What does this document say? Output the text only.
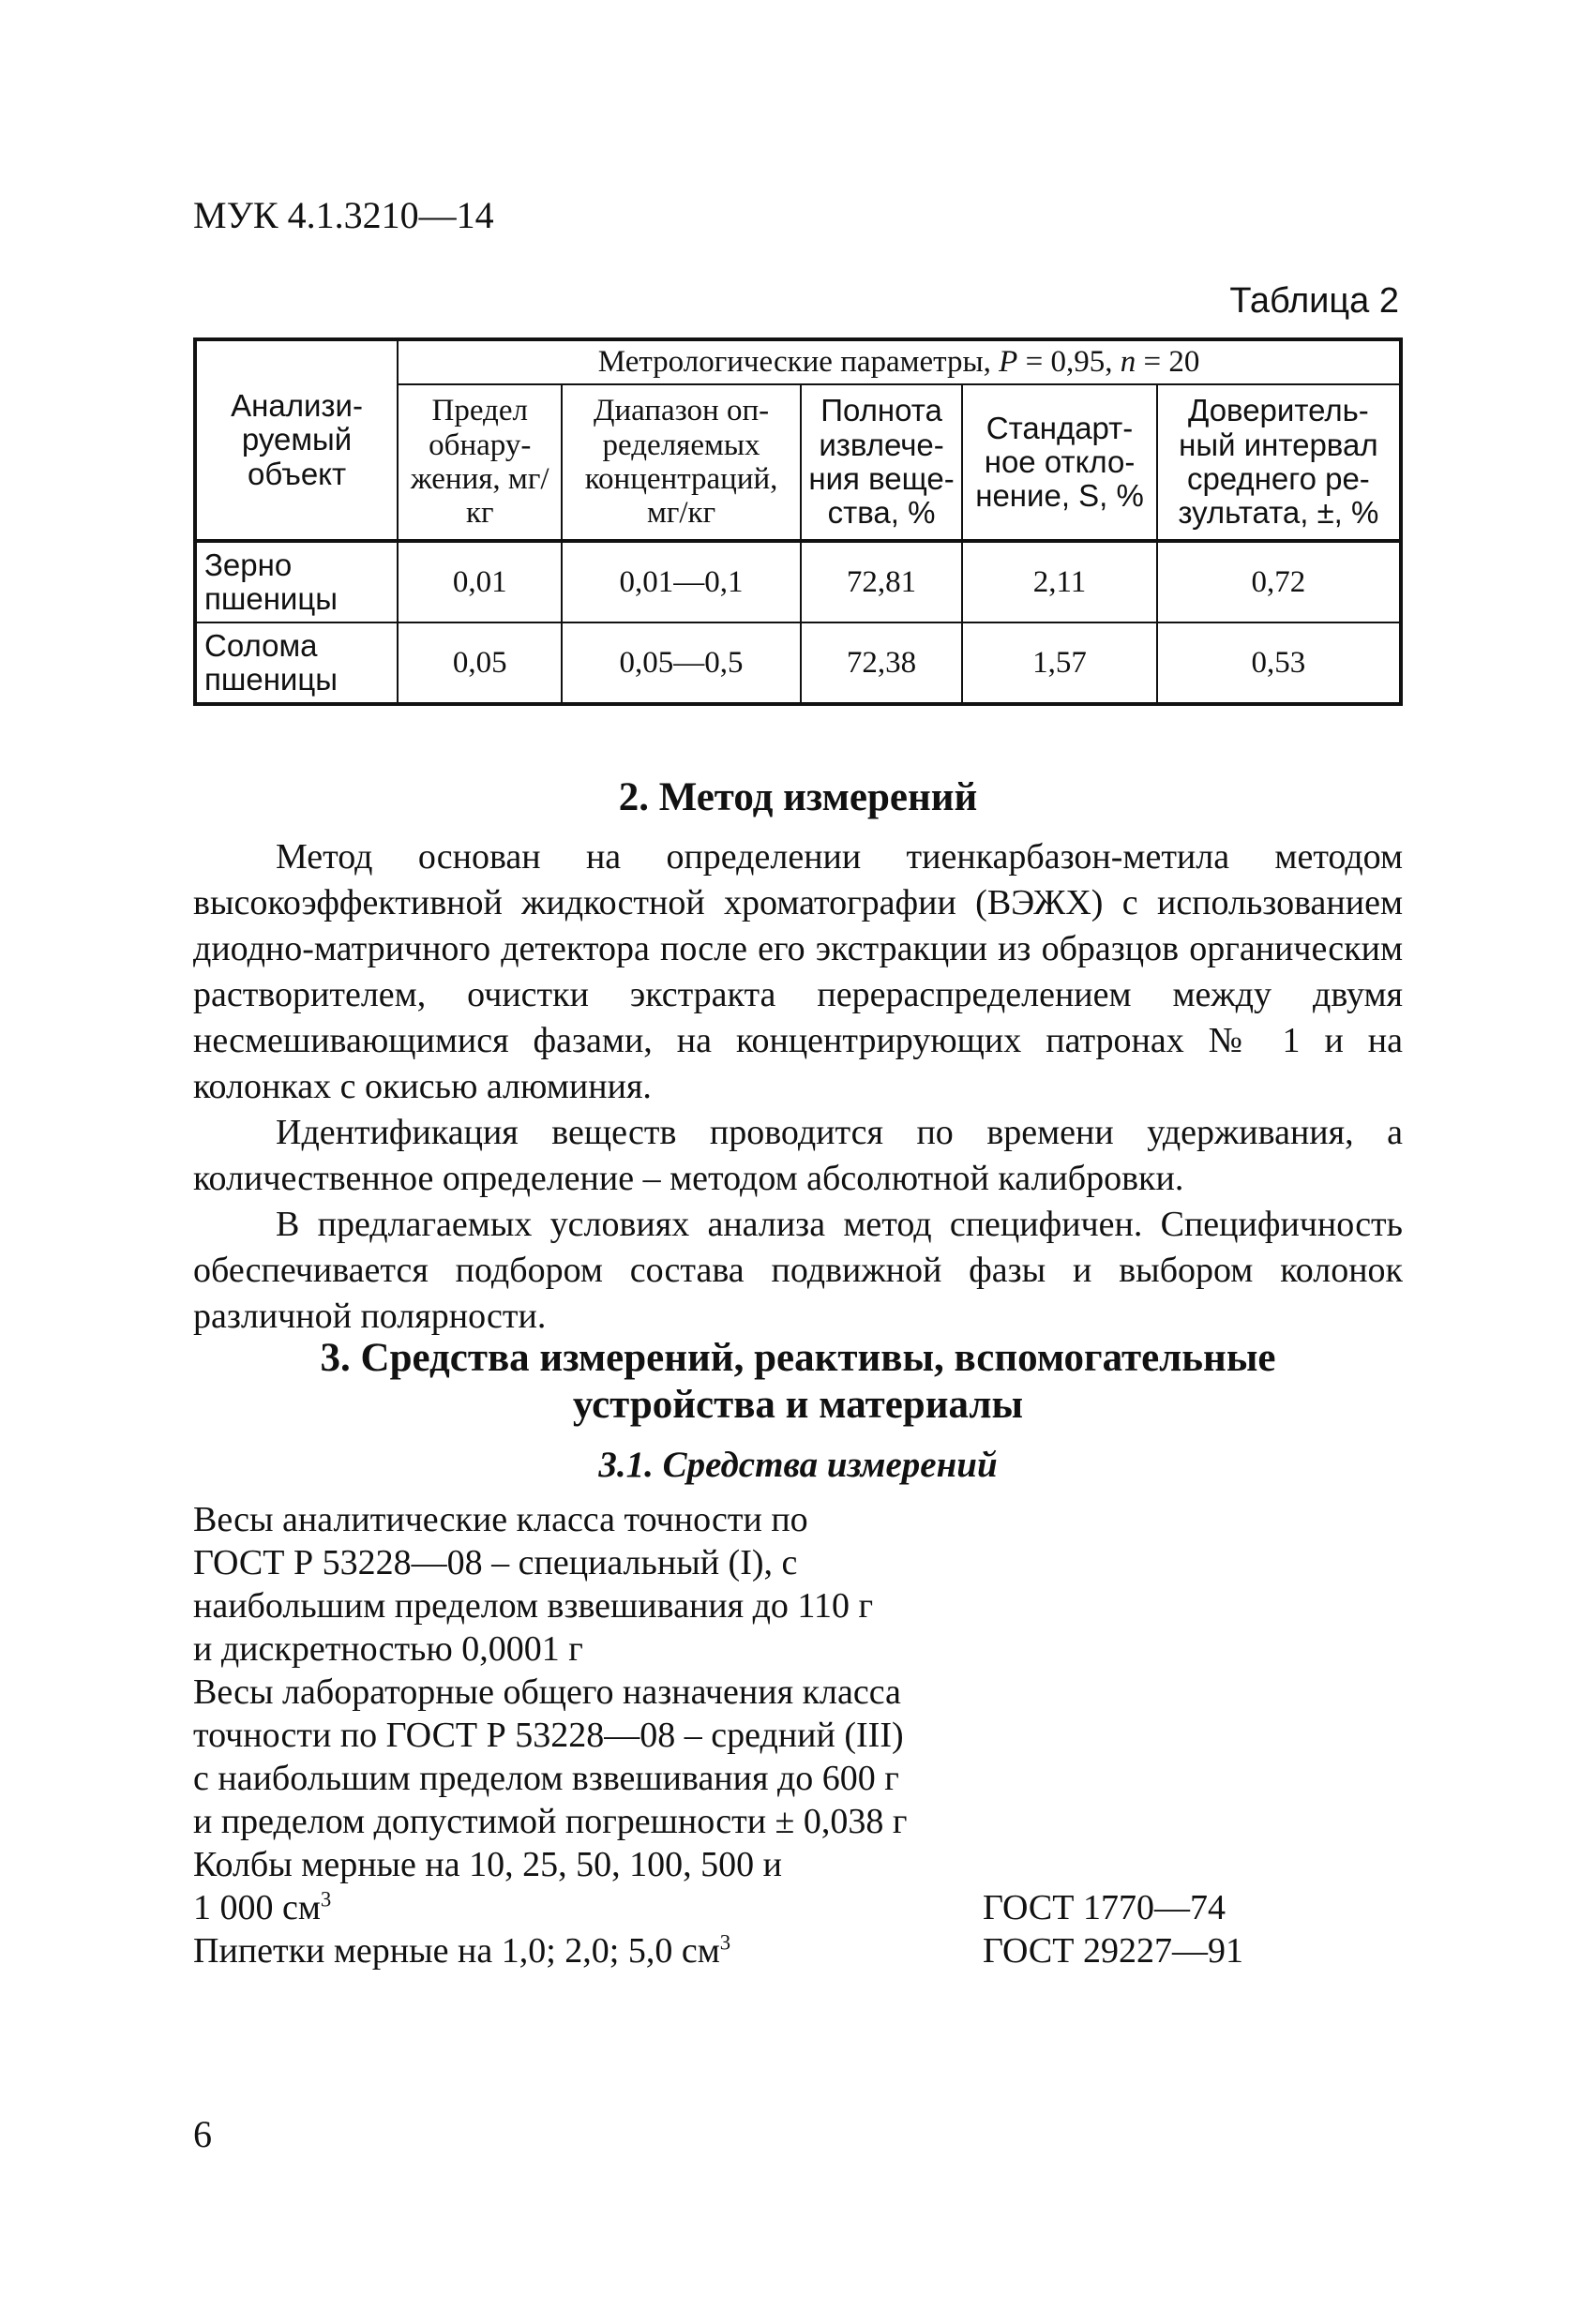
МУК 4.1.3210—14
Таблица 2
Анализи-руемый объект	Метрологические параметры, P = 0,95, n = 20				
	Предел обнару-жения, мг/кг	Диапазон оп-ределяемых концентраций, мг/кг	Полнота извлече-ния веще-ства, %	Стандарт-ное откло-нение, S, %	Доверитель-ный интервал среднего ре-зультата, ±, %
Зерно пшеницы	0,01	0,01—0,1	72,81	2,11	0,72
Солома пшеницы	0,05	0,05—0,5	72,38	1,57	0,53
2. Метод измерений

Метод основан на определении тиенкарбазон-метила методом высокоэффективной жидкостной хроматографии (ВЭЖХ) с использованием диодно-матричного детектора после его экстракции из образцов органическим растворителем, очистки экстракта перераспределением между двумя несмешивающимися фазами, на концентрирующих патронах № 1 и на колонках с окисью алюминия.

Идентификация веществ проводится по времени удерживания, а количественное определение – методом абсолютной калибровки.

В предлагаемых условиях анализа метод специфичен. Специфичность обеспечивается подбором состава подвижной фазы и выбором колонок различной полярности.

3. Средства измерений, реактивы, вспомогательные
устройства и материалы
3.1. Средства измерений
Весы аналитические класса точности по
ГОСТ Р 53228—08 – специальный (I), с
наибольшим пределом взвешивания до 110 г
и дискретностью 0,0001 г
Весы лабораторные общего назначения класса
точности по ГОСТ Р 53228—08 – средний (III)
с наибольшим пределом взвешивания до 600 г
и пределом допустимой погрешности ± 0,038 г
Колбы мерные на 10, 25, 50, 100, 500 и
1 000 $см^3$	ГОСТ 1770—74
Пипетки мерные на 1,0; 2,0; 5,0 $см^3$	ГОСТ 29227—91
6
